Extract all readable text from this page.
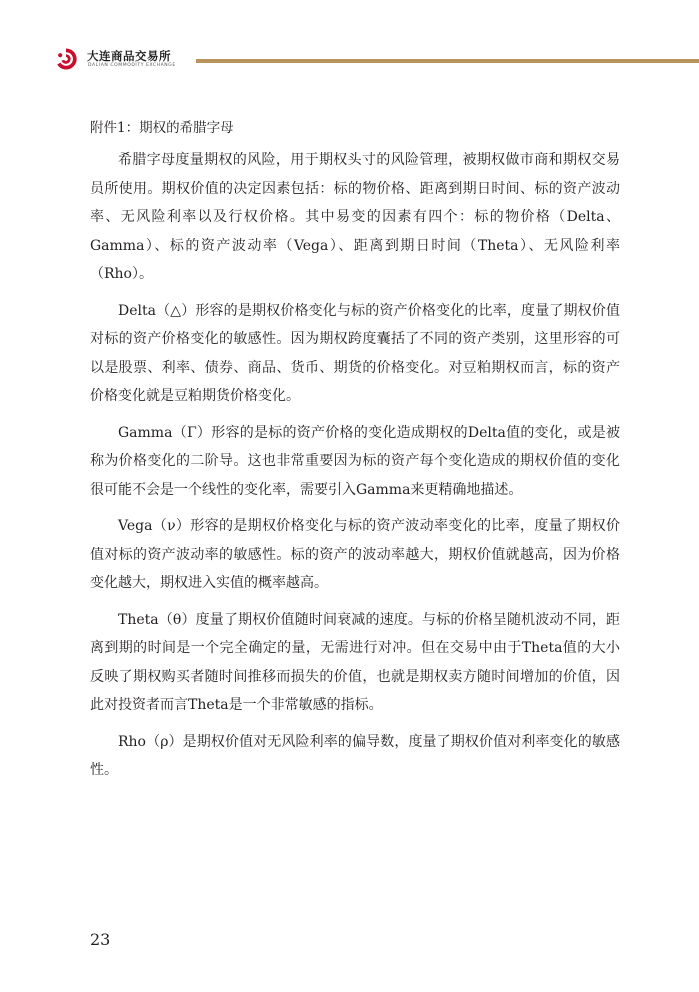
大连商品交易所
DALIAN COMMODITY EXCHANGE
附件1：期权的希腊字母

希腊字母度量期权的风险，用于期权头寸的风险管理，被期权做市商和期权交易员所使用。期权价值的决定因素包括：标的物价格、距离到期日时间、标的资产波动率、无风险利率以及行权价格。其中易变的因素有四个：标的物价格（Delta、Gamma）、标的资产波动率（Vega）、距离到期日时间（Theta）、无风险利率（Rho）。

Delta（△）形容的是期权价格变化与标的资产价格变化的比率，度量了期权价值对标的资产价格变化的敏感性。因为期权跨度囊括了不同的资产类别，这里形容的可以是股票、利率、债券、商品、货币、期货的价格变化。对豆粕期权而言，标的资产价格变化就是豆粕期货价格变化。

Gamma（Γ）形容的是标的资产价格的变化造成期权的Delta值的变化，或是被称为价格变化的二阶导。这也非常重要因为标的资产每个变化造成的期权价值的变化很可能不会是一个线性的变化率，需要引入Gamma来更精确地描述。

Vega（ν）形容的是期权价格变化与标的资产波动率变化的比率，度量了期权价值对标的资产波动率的敏感性。标的资产的波动率越大，期权价值就越高，因为价格变化越大，期权进入实值的概率越高。

Theta（θ）度量了期权价值随时间衰减的速度。与标的价格呈随机波动不同，距离到期的时间是一个完全确定的量，无需进行对冲。但在交易中由于Theta值的大小反映了期权购买者随时间推移而损失的价值，也就是期权卖方随时间增加的价值，因此对投资者而言Theta是一个非常敏感的指标。

Rho（ρ）是期权价值对无风险利率的偏导数，度量了期权价值对利率变化的敏感性。

23
